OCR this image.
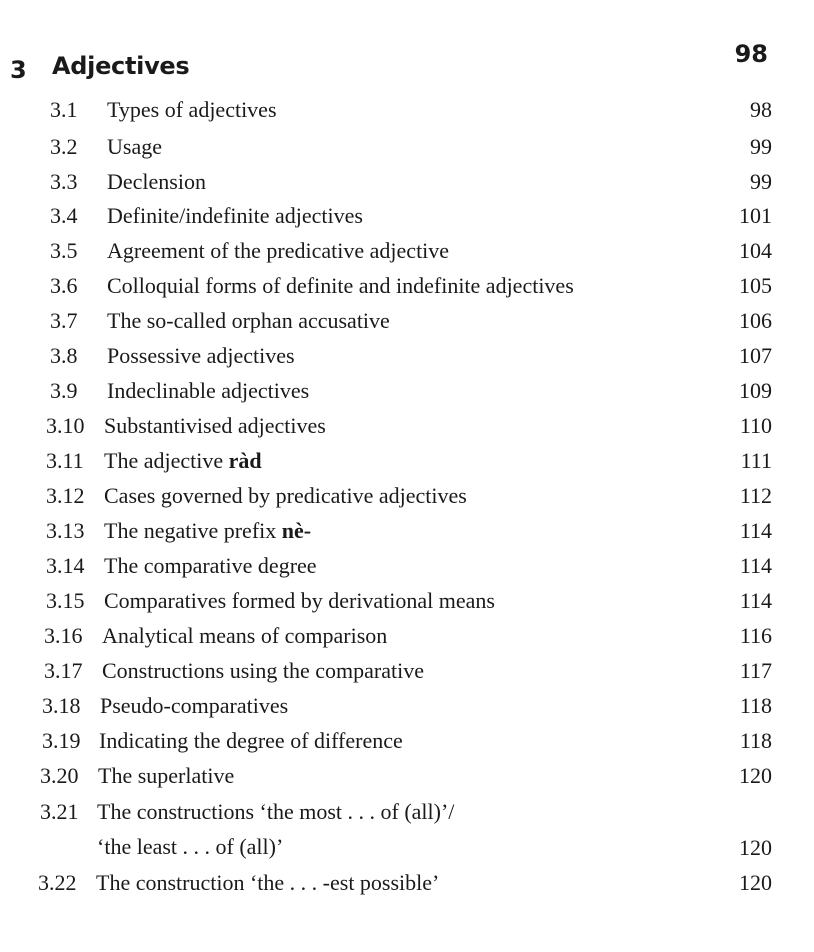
3 Adjectives	98
3.1	Types of adjectives	98
3.2	Usage	99
3.3	Declension	99
3.4	Definite/indefinite adjectives	101
3.5	Agreement of the predicative adjective	104
3.6	Colloquial forms of definite and indefinite adjectives	105
3.7	The so-called orphan accusative	106
3.8	Possessive adjectives	107
3.9	Indeclinable adjectives	109
3.10 Substantivised adjectives	110
3.11 The adjective ràd	111
3.12 Cases governed by predicative adjectives	112
3.13 The negative prefix nè-	114
3.14 The comparative degree	114
3.15 Comparatives formed by derivational means	114
3.16 Analytical means of comparison	116
3.17 Constructions using the comparative	117
3.18 Pseudo-comparatives	118
3.19 Indicating the degree of difference	118
3.20 The superlative	120
3.21 The constructions ‘the most . . . of (all)’/
‘the least . . . of (all)’	120
3.22 The construction ‘the . . . -est possible’	120
